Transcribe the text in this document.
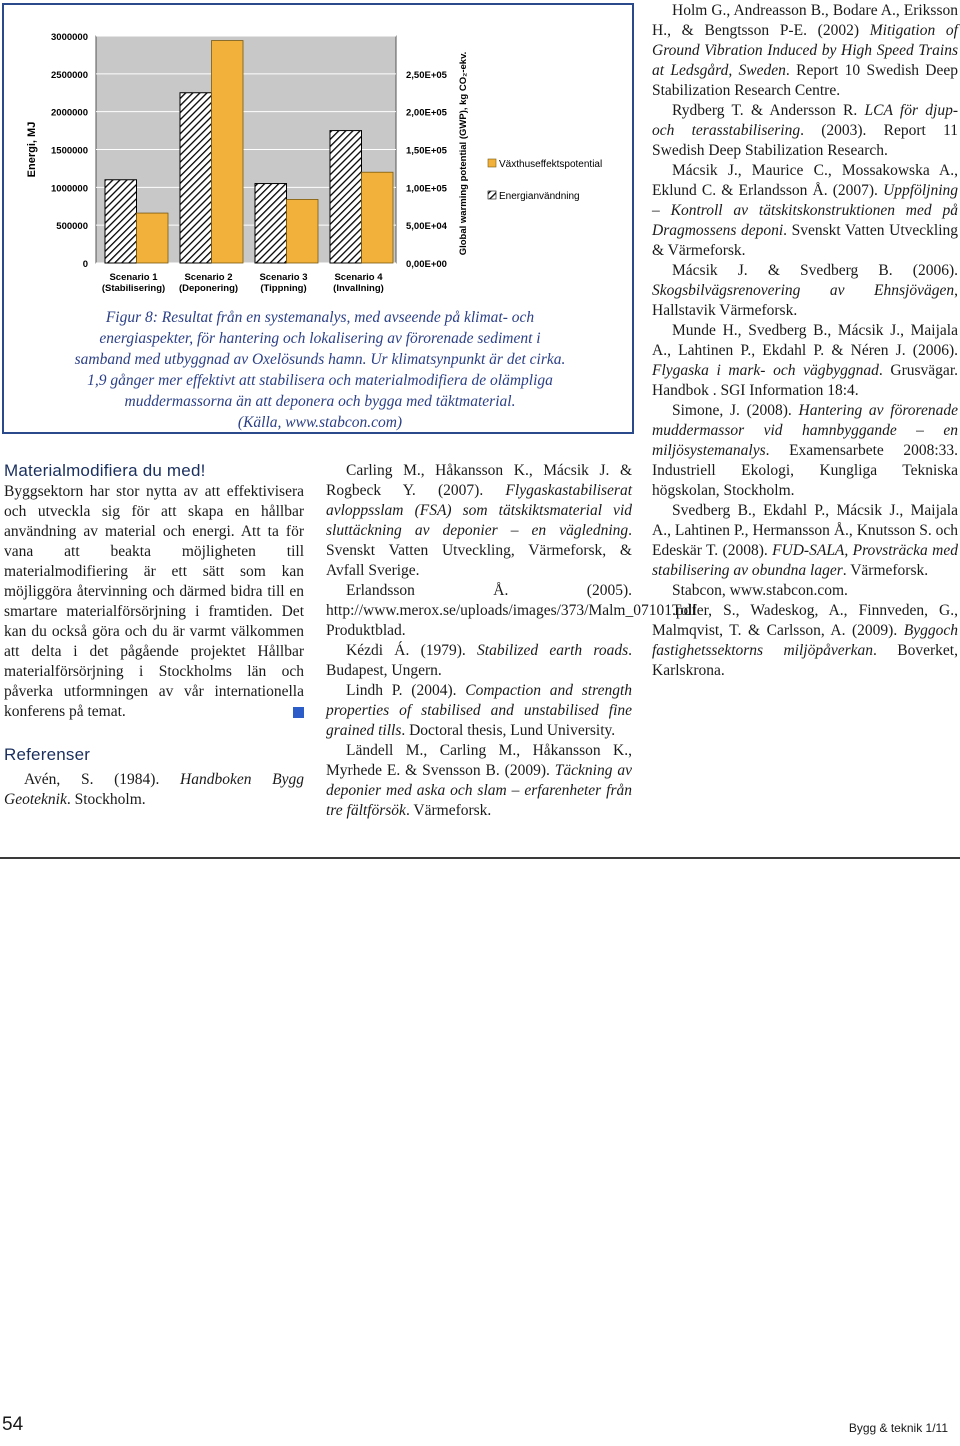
0	0,00E+00
500000	5,00E+04
1000000	1,00E+05
1500000	1,50E+05
2000000	2,00E+05
2500000	2,50E+05
3000000
Energi, MJ	Global warming potential (GWP), kg CO₂-ekv.
Scenario 1
(Stabilisering)
Scenario 2
(Deponering)
Scenario 3
(Tippning)
Scenario 4
(Invallning)
Växthuseffektspotential
Energianvändning
Figur 8: Resultat från en systemanalys, med avseende på klimat- och
energiaspekter, för hantering och lokalisering av förorenade sediment i
samband med utbyggnad av Oxelösunds hamn. Ur klimatsynpunkt är det cirka.
1,9 gånger mer effektivt att stabilisera och materialmodifiera de olämpliga
muddermassorna än att deponera och bygga med täktmaterial.
(Källa, www.stabcon.com)

Materialmodifiera du med!

Byggsektorn har stor nytta av att effektivisera och utveckla sig för att skapa en hållbar användning av material och energi. Att ta för vana att beakta möjligheten till materialmodifiering är ett sätt som kan möjliggöra återvinning och därmed bidra till en smartare materialförsörjning i framtiden. Det kan du också göra och du är varmt välkommen att delta i det pågående projektet Hållbar materialförsörjning i Stockholms län och påverka utformningen av vår internationella konferens på temat.

Referenser

Avén, S. (1984). Handboken Bygg Geoteknik. Stockholm.

Carling M., Håkansson K., Mácsik J. & Rogbeck Y. (2007). Flygaskastabiliserat avloppsslam (FSA) som tätskiktsmaterial vid sluttäckning av deponier – en vägledning. Svenskt Vatten Utveckling, Värmeforsk, & Avfall Sverige.

Erlandsson Å. (2005). http://www.merox.se/uploads/images/373/Malm_07101.pdf Produktblad.

Kézdi Á. (1979). Stabilized earth roads. Budapest, Ungern.

Lindh P. (2004). Compaction and strength properties of stabilised and unstabilised fine grained tills. Doctoral thesis, Lund University.

Ländell M., Carling M., Håkansson K., Myrhede E. & Svensson B. (2009). Täckning av deponier med aska och slam – erfarenheter från tre fältförsök. Värmeforsk.

Holm G., Andreasson B., Bodare A., Eriksson H., & Bengtsson P-E. (2002) Mitigation of Ground Vibration Induced by High Speed Trains at Ledsgård, Sweden. Report 10 Swedish Deep Stabilization Research Centre.

Rydberg T. & Andersson R. LCA för djup- och terasstabilisering. (2003). Report 11 Swedish Deep Stabilization Research.

Mácsik J., Maurice C., Mossakowska A., Eklund C. & Erlandsson Å. (2007). Uppföljning – Kontroll av tätskitskonstruktionen med på Dragmossens deponi. Svenskt Vatten Utveckling & Värmeforsk.

Mácsik J. & Svedberg B. (2006). Skogsbilvägsrenovering av Ehnsjövägen, Hallstavik Värmeforsk.

Munde H., Svedberg B., Mácsik J., Maijala A., Lahtinen P., Ekdahl P. & Néren J. (2006). Flygaska i mark- och vägbyggnad. Grusvägar. Handbok . SGI Information 18:4.

Simone, J. (2008). Hantering av förorenade muddermassor vid hamnbyggande – en miljösystemanalys. Examensarbete 2008:33. Industriell Ekologi, Kungliga Tekniska högskolan, Stockholm.

Svedberg B., Ekdahl P., Mácsik J., Maijala A., Lahtinen P., Hermansson Å., Knutsson S. och Edeskär T. (2008). FUD-SALA, Provsträcka med stabilisering av obundna lager. Värmeforsk.

Stabcon, www.stabcon.com.

Toller, S., Wadeskog, A., Finnveden, G., Malmqvist, T. & Carlsson, A. (2009). Byggoch fastighetssektorns miljöpåverkan. Boverket, Karlskrona.

54	Bygg & teknik 1/11
